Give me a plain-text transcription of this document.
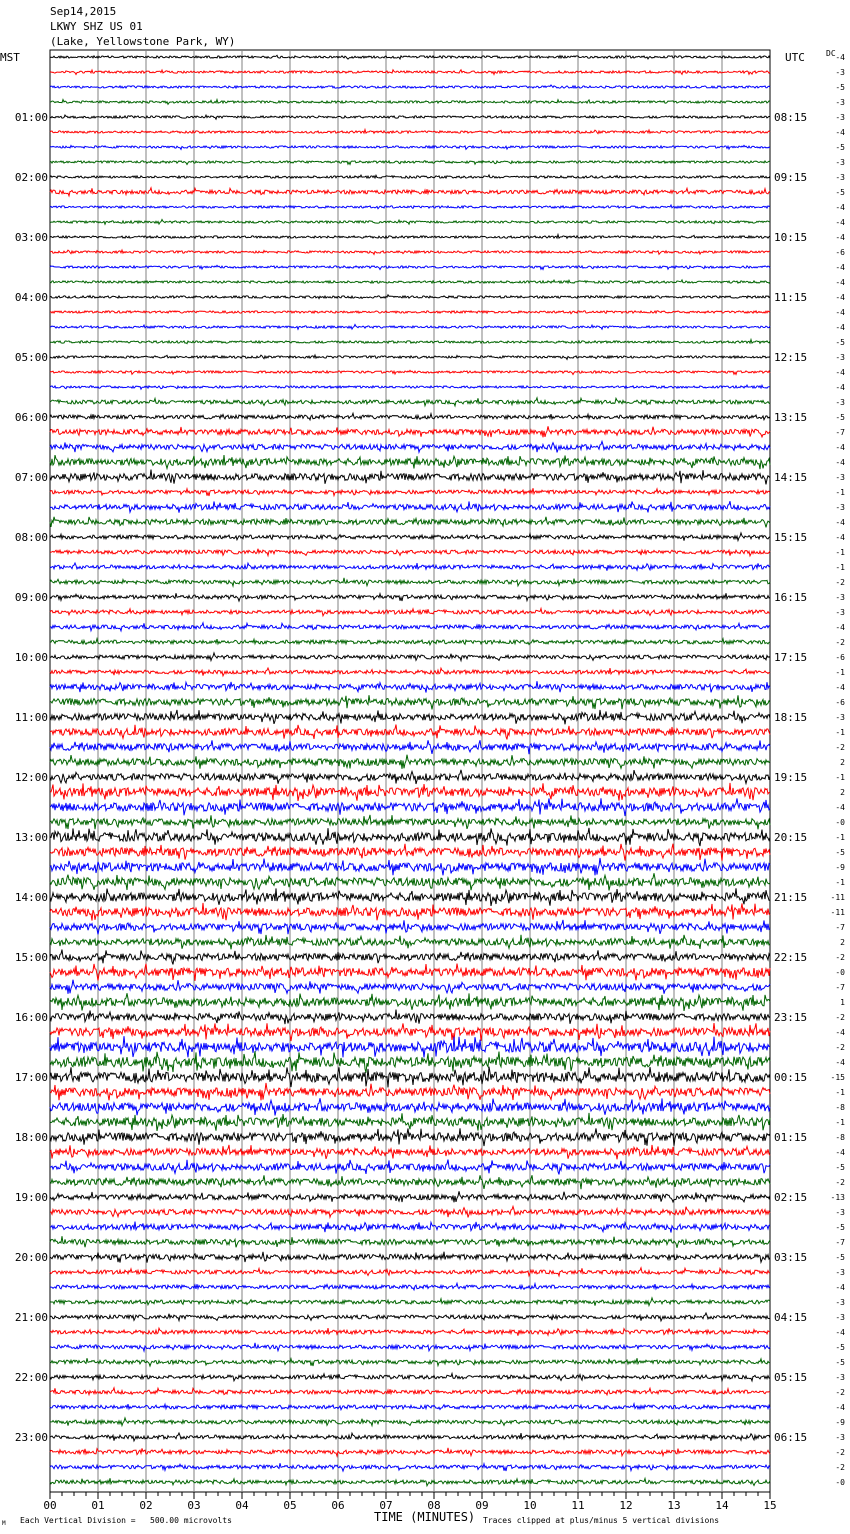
Sep14,2015
LKWY SHZ US 01
(Lake, Yellowstone Park, WY)
MST	UTC	DC -4
-3
-5
-3
-3
-4
-5
-3
-3
-5
-4
-4
-4
-6
-4
-4
-4
-4
-4
-5
-3
-4
-4
-3
-5
-7
-4
-4
-3
-1
-3
-4
-4
-1
-1
-2
-3
-3
-4
-2
-6
-1
-4
-6
-3
-1
-2
2
-1
2
-4
-0
-1
-5
-9
-1
-11
-11
-7
2
-2
-0
-7
1
-2
-4
-2
-4
-15
-1
-8
-1
-8
-4
-5
-2
-13
-3
-5
-7
-5
-3
-4
-3
-3
-4
-5
-5
-3
-2
-4
-9
-3
-2
-2
-0
01:00
02:00
03:00
04:00
05:00
06:00
07:00
08:00
09:00
10:00
11:00
12:00
13:00
14:00
15:00
16:00
17:00
18:00
19:00
20:00
21:00
22:00
23:00
08:15
09:15
10:15
11:15
12:15
13:15
14:15
15:15
16:15
17:15
18:15
19:15
20:15
21:15
22:15
23:15
00:15
01:15
02:15
03:15
04:15
05:15
06:15
00	01	02	03	04	05	06	07	08	09	10	11	12	13	14	15
TIME (MINUTES)
Each Vertical Division =   500.00 microvolts	Traces clipped at plus/minus 5 vertical divisions
M
